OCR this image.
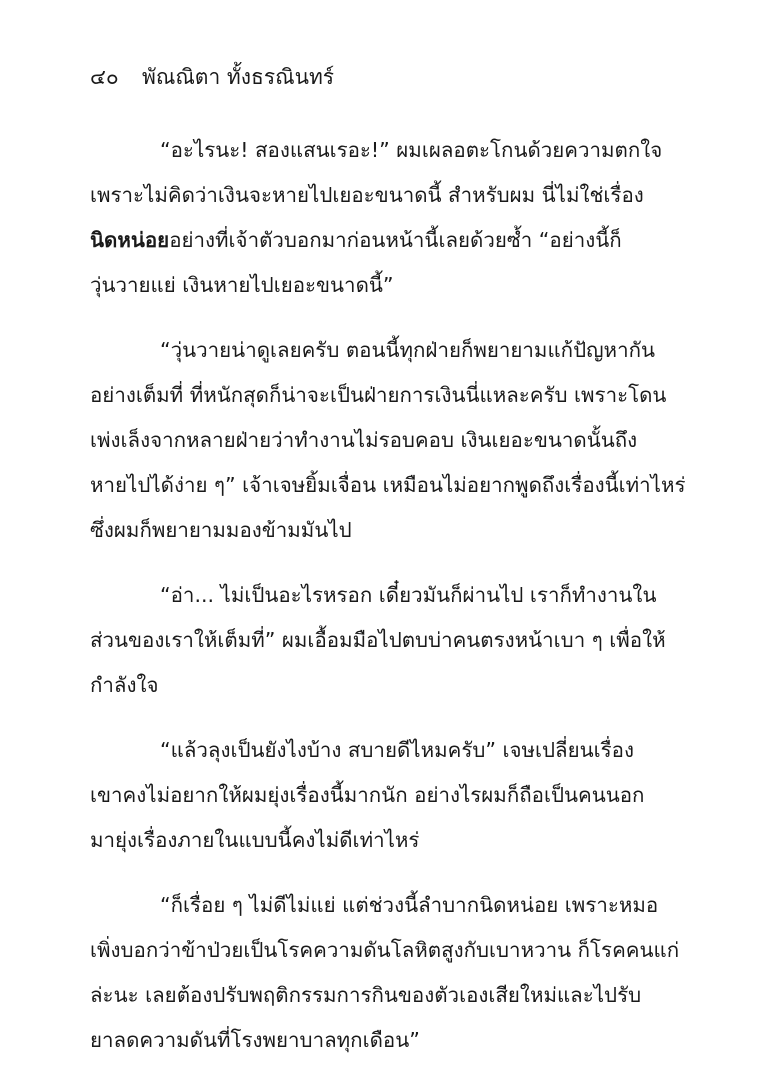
๔๐ พัณณิตา ทั้งธรณินทร์
“อะไรนะ! สองแสนเรอะ!” ผมเผลอตะโกนด้วยความตกใจ
เพราะไม่คิดว่าเงินจะหายไปเยอะขนาดนี้ สำหรับผม นี่ไม่ใช่เรื่อง
นิดหน่อยอย่างที่เจ้าตัวบอกมาก่อนหน้านี้เลยด้วยซ้ำ “อย่างนี้ก็
วุ่นวายแย่ เงินหายไปเยอะขนาดนี้”
“วุ่นวายน่าดูเลยครับ ตอนนี้ทุกฝ่ายก็พยายามแก้ปัญหากัน
อย่างเต็มที่ ที่หนักสุดก็น่าจะเป็นฝ่ายการเงินนี่แหละครับ เพราะโดน
เพ่งเล็งจากหลายฝ่ายว่าทำงานไม่รอบคอบ เงินเยอะขนาดนั้นถึง
หายไปได้ง่าย ๆ” เจ้าเจษยิ้มเจื่อน เหมือนไม่อยากพูดถึงเรื่องนี้เท่าไหร่
ซึ่งผมก็พยายามมองข้ามมันไป
“อ่า... ไม่เป็นอะไรหรอก เดี๋ยวมันก็ผ่านไป เราก็ทำงานใน
ส่วนของเราให้เต็มที่” ผมเอื้อมมือไปตบบ่าคนตรงหน้าเบา ๆ เพื่อให้
กำลังใจ
“แล้วลุงเป็นยังไงบ้าง สบายดีไหมครับ” เจษเปลี่ยนเรื่อง
เขาคงไม่อยากให้ผมยุ่งเรื่องนี้มากนัก อย่างไรผมก็ถือเป็นคนนอก
มายุ่งเรื่องภายในแบบนี้คงไม่ดีเท่าไหร่
“ก็เรื่อย ๆ ไม่ดีไม่แย่ แต่ช่วงนี้ลำบากนิดหน่อย เพราะหมอ
เพิ่งบอกว่าข้าป่วยเป็นโรคความดันโลหิตสูงกับเบาหวาน ก็โรคคนแก่
ล่ะนะ เลยต้องปรับพฤติกรรมการกินของตัวเองเสียใหม่และไปรับ
ยาลดความดันที่โรงพยาบาลทุกเดือน”
